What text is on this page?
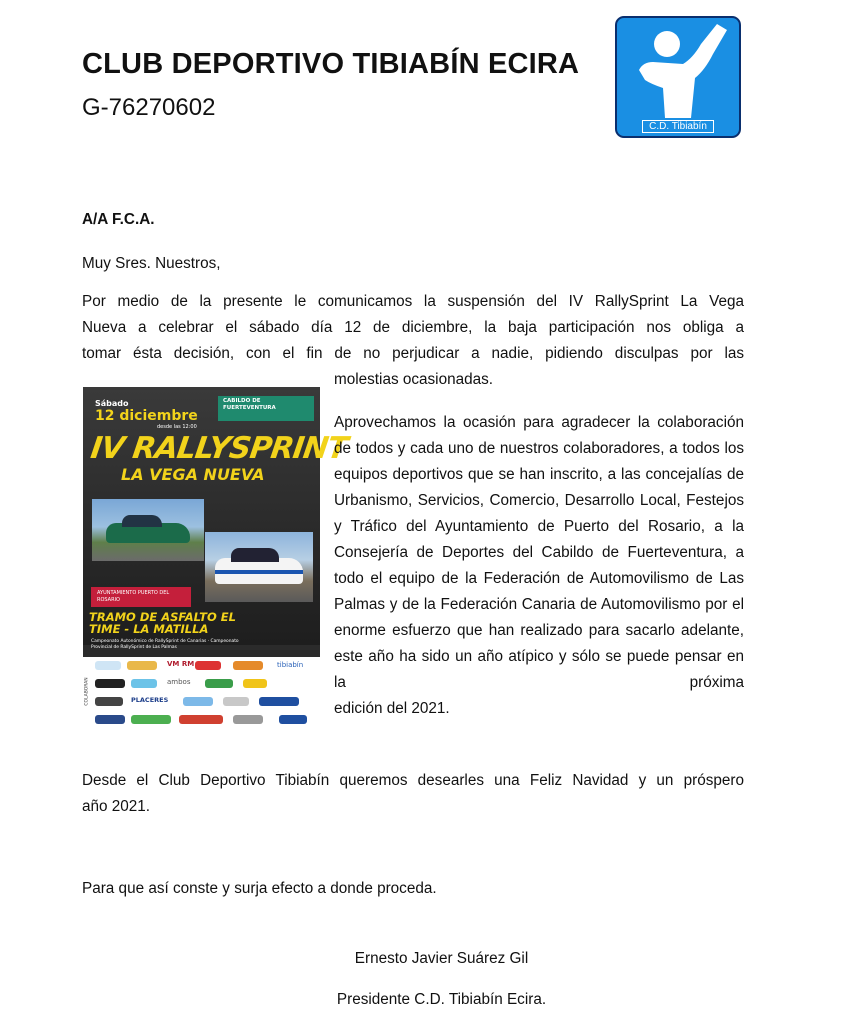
CLUB DEPORTIVO TIBIABÍN ECIRA
G-76270602
C.D. Tibiabín
A/A F.C.A.
Muy Sres. Nuestros,
Por medio de la presente le comunicamos la suspensión del IV RallySprint La Vega
Nueva a celebrar el sábado día 12 de diciembre, la baja participación nos obliga a
tomar ésta decisión, con el fin de no perjudicar a nadie, pidiendo disculpas por las
molestias ocasionadas.
Sábado
12 diciembre
desde las 12:00
CABILDO DE FUERTEVENTURA
IV RALLYSPRINT
LA VEGA NUEVA
AYUNTAMIENTO PUERTO DEL ROSARIO
TRAMO DE ASFALTO EL TIME - LA MATILLA
Campeonato Autonómico de RallySprint de Canarias · Campeonato Provincial de RallySprint de Las Palmas
COLABORAN
VM RM	tibiabín
ambos
PLACERES
Aprovechamos la ocasión para agradecer la colaboración de todos y cada uno de nuestros colaboradores, a todos los equipos deportivos que se han inscrito, a las concejalías de Urbanismo, Servicios, Comercio, Desarrollo Local, Festejos y Tráfico del Ayuntamiento de Puerto del Rosario, a la Consejería de Deportes del Cabildo de Fuerteventura, a todo el equipo de la Federación de Automovilismo de Las Palmas y de la Federación Canaria de Automovilismo por el enorme esfuerzo que han realizado para sacarlo adelante, este año ha sido un año atípico y sólo se puede pensar en la próxima
edición del 2021.
Desde el Club Deportivo Tibiabín queremos desearles una Feliz Navidad y un próspero
año 2021.
Para que así conste y surja efecto a donde proceda.
Ernesto Javier Suárez Gil
Presidente C.D. Tibiabín Ecira.
